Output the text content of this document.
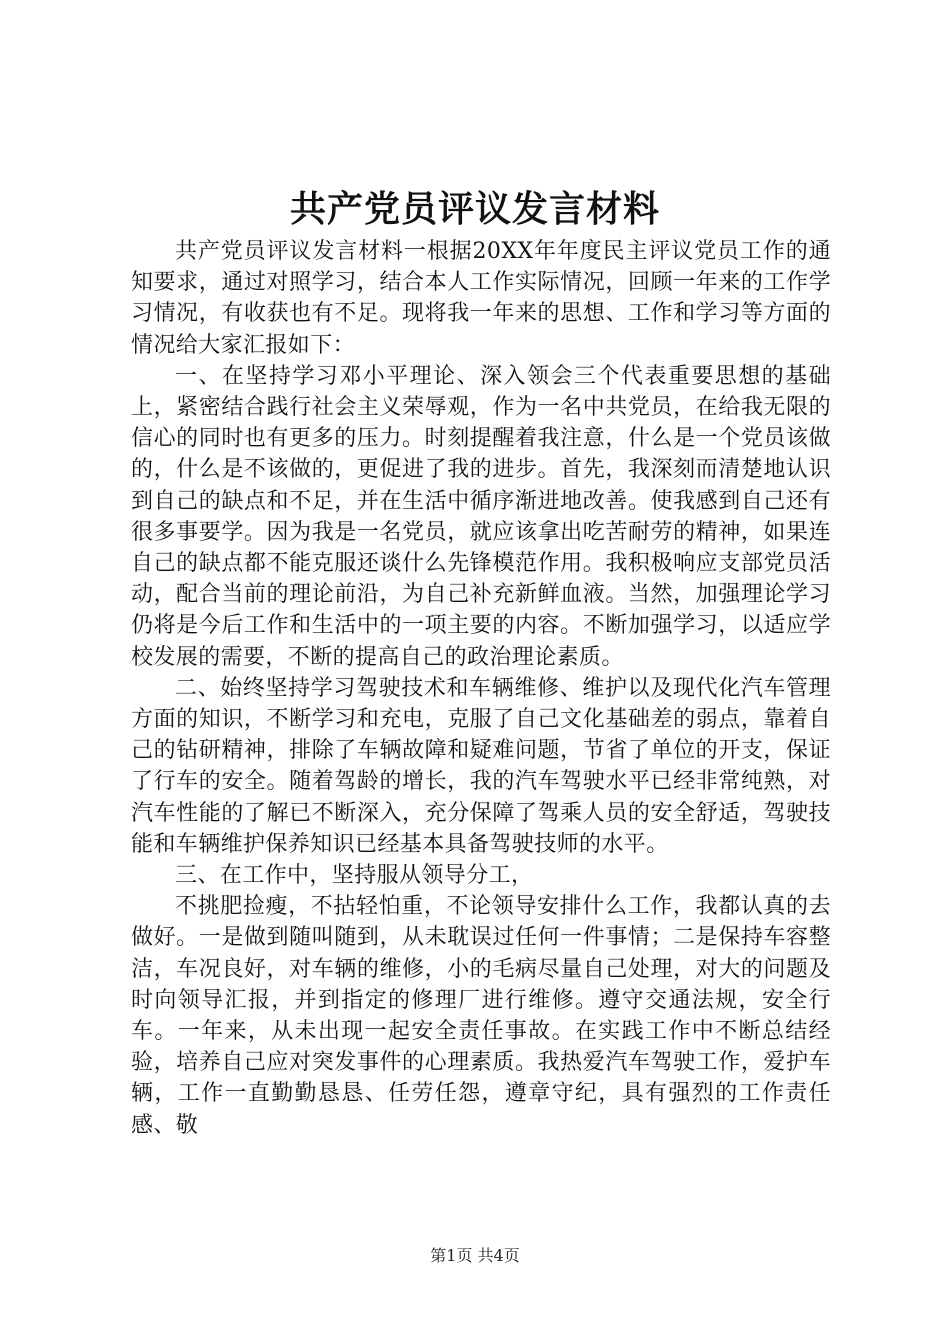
共产党员评议发言材料

共产党员评议发言材料一根据20XX年年度民主评议党员工作的通知要求，通过对照学习，结合本人工作实际情况，回顾一年来的工作学习情况，有收获也有不足。现将我一年来的思想、工作和学习等方面的情况给大家汇报如下：

一、在坚持学习邓小平理论、深入领会三个代表重要思想的基础上，紧密结合践行社会主义荣辱观，作为一名中共党员，在给我无限的信心的同时也有更多的压力。时刻提醒着我注意，什么是一个党员该做的，什么是不该做的，更促进了我的进步。首先，我深刻而清楚地认识到自己的缺点和不足，并在生活中循序渐进地改善。使我感到自己还有很多事要学。因为我是一名党员，就应该拿出吃苦耐劳的精神，如果连自己的缺点都不能克服还谈什么先锋模范作用。我积极响应支部党员活动，配合当前的理论前沿，为自己补充新鲜血液。当然，加强理论学习仍将是今后工作和生活中的一项主要的内容。不断加强学习，以适应学校发展的需要，不断的提高自己的政治理论素质。

二、始终坚持学习驾驶技术和车辆维修、维护以及现代化汽车管理方面的知识，不断学习和充电，克服了自己文化基础差的弱点，靠着自己的钻研精神，排除了车辆故障和疑难问题，节省了单位的开支，保证了行车的安全。随着驾龄的增长，我的汽车驾驶水平已经非常纯熟，对汽车性能的了解已不断深入，充分保障了驾乘人员的安全舒适，驾驶技能和车辆维护保养知识已经基本具备驾驶技师的水平。

三、在工作中，坚持服从领导分工，

不挑肥捡瘦，不拈轻怕重，不论领导安排什么工作，我都认真的去做好。一是做到随叫随到，从未耽误过任何一件事情；二是保持车容整洁，车况良好，对车辆的维修，小的毛病尽量自己处理，对大的问题及时向领导汇报，并到指定的修理厂进行维修。遵守交通法规，安全行车。一年来，从未出现一起安全责任事故。在实践工作中不断总结经验，培养自己应对突发事件的心理素质。我热爱汽车驾驶工作，爱护车辆，工作一直勤勤恳恳、任劳任怨，遵章守纪，具有强烈的工作责任感、敬

第1页 共4页
